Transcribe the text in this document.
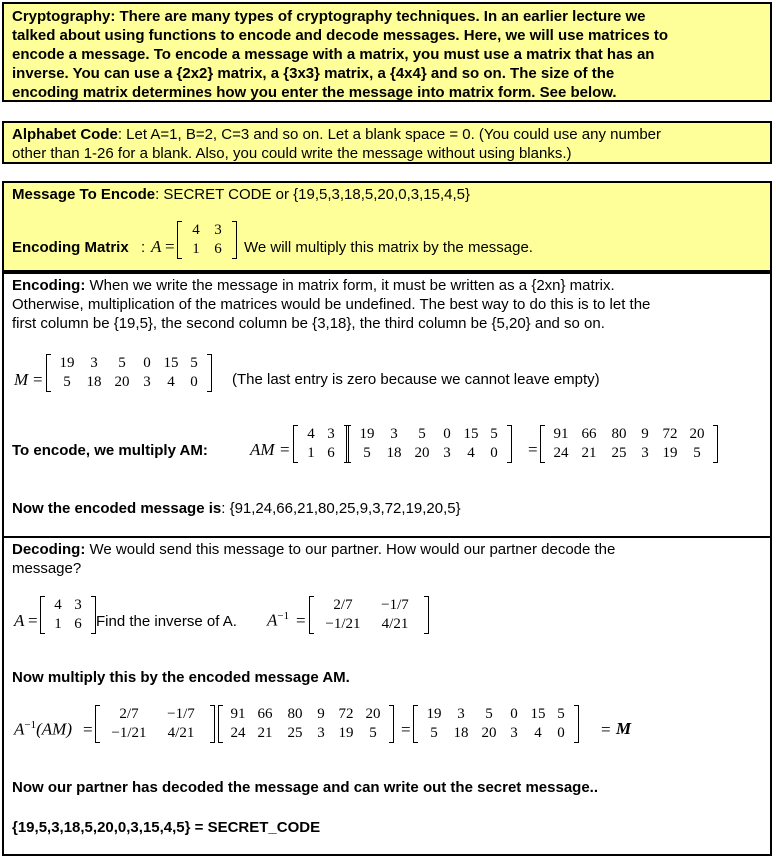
Cryptography: There are many types of cryptography techniques. In an earlier lecture we
talked about using functions to encode and decode messages. Here, we will use matrices to
encode a message. To encode a message with a matrix, you must use a matrix that has an
inverse. You can use a {2x2} matrix, a {3x3} matrix, a {4x4} and so on. The size of the
encoding matrix determines how you enter the message into matrix form. See below.
Alphabet Code: Let A=1, B=2, C=3 and so on. Let a blank space = 0. (You could use any number
other than 1-26 for a blank. Also, you could write the message without using blanks.)
Message To Encode: SECRET CODE or {19,5,3,18,5,20,0,3,15,4,5}
Encoding Matrix : A =
4 3
1 6	We will multiply this matrix by the message.
Encoding: When we write the message in matrix form, it must be written as a {2xn} matrix.
Otherwise, multiplication of the matrices would be undefined. The best way to do this is to let the
first column be {19,5}, the second column be {3,18}, the third column be {5,20} and so on.
M =
19	3	5	0 15 5
5	18 20 3	4	0	(The last entry is zero because we cannot leave empty)
To encode, we multiply AM: AM =
4 3
1 6
19	3	5	0 15 5
5	18 20 3	4	0	=
91 66	80 9 72 20
24 21	25 3 19	5
Now the encoded message is: {91,24,66,21,80,25,9,3,72,19,20,5}
Decoding: We would send this message to our partner. How would our partner decode the
message?
A =
4 3
1 6 Find the inverse of A. $A^{-1}$ =
2/7	−1/7
−1/21	4/21
Now multiply this by the encoded message AM.
$A^{-1}(AM)$ =
2/7	−1/7
−1/21	4/21
91 66	80 9 72 20
24 21	25 3 19	5	=
19	3	5	0 15 5
5	18 20 3	4	0	= M
Now our partner has decoded the message and can write out the secret message..
{19,5,3,18,5,20,0,3,15,4,5} = SECRET_CODE
